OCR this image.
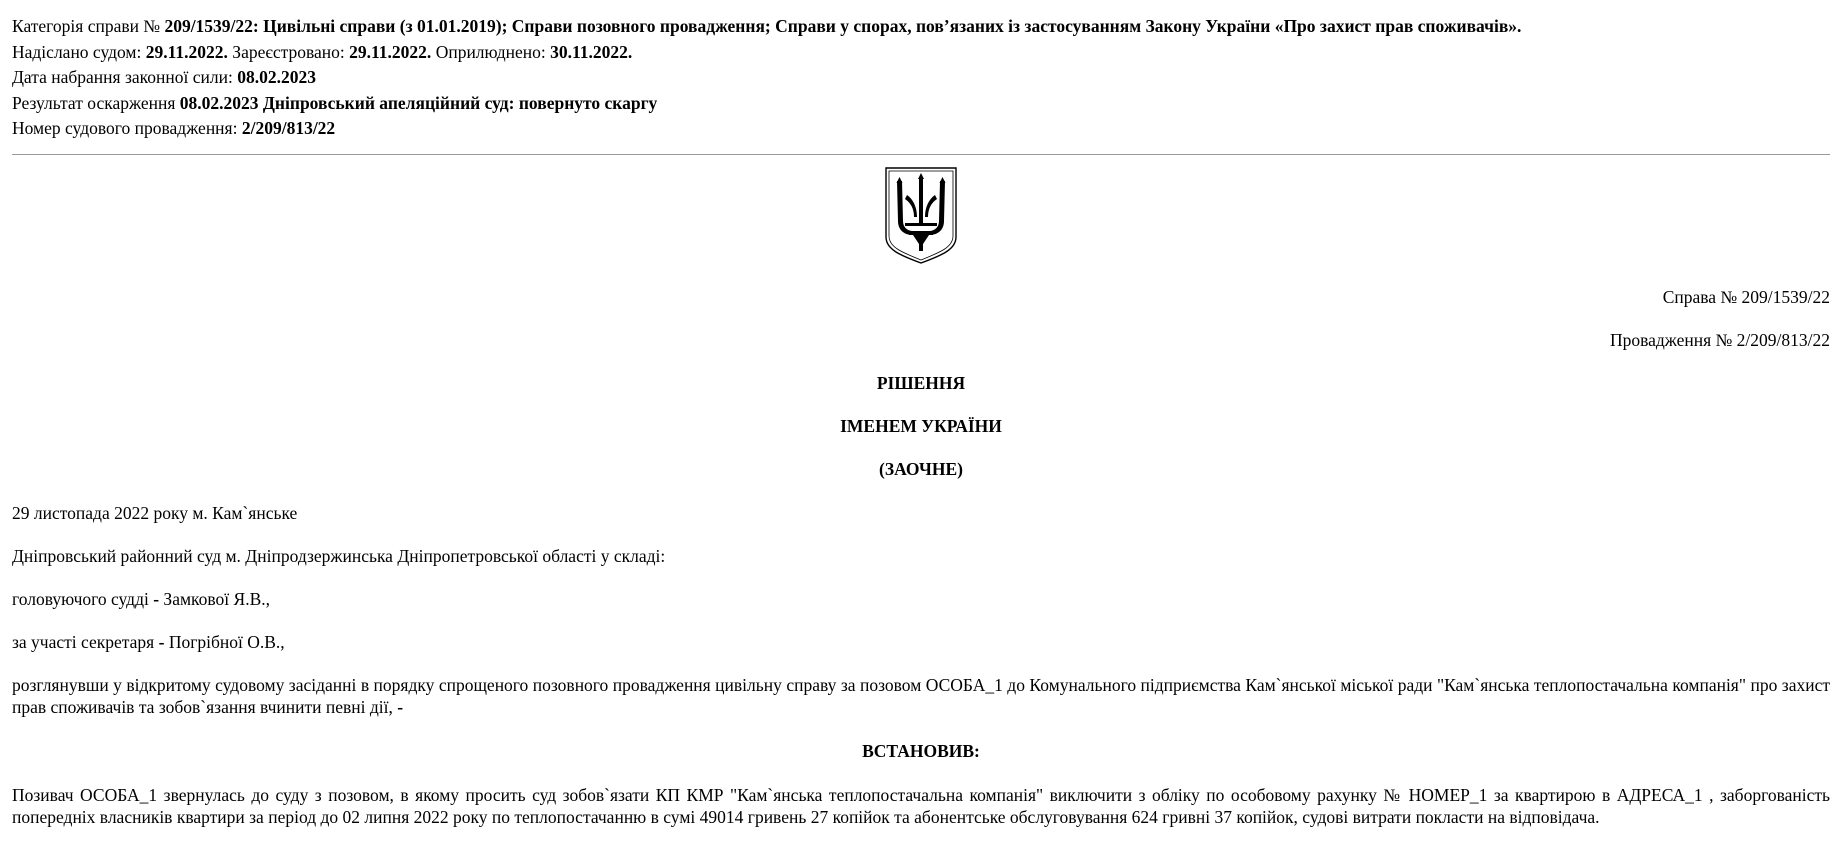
Категорія справи № 209/1539/22: Цивільні справи (з 01.01.2019); Справи позовного провадження; Справи у спорах, пов’язаних із застосуванням Закону України «Про захист прав споживачів».
Надіслано судом: 29.11.2022. Зареєстровано: 29.11.2022. Оприлюднено: 30.11.2022.
Дата набрання законної сили: 08.02.2023
Результат оскарження 08.02.2023 Дніпровський апеляційний суд: повернуто скаргу
Номер судового провадження: 2/209/813/22
Справа № 209/1539/22
Провадження № 2/209/813/22
РІШЕННЯ
ІМЕНЕМ УКРАЇНИ
(ЗАОЧНЕ)
29 листопада 2022 року м. Кам`янське
Дніпровський районний суд м. Дніпродзержинська Дніпропетровської області у складі:
головуючого судді - Замкової Я.В.,
за участі секретаря - Погрібної О.В.,
розглянувши у відкритому судовому засіданні в порядку спрощеного позовного провадження цивільну справу за позовом ОСОБА_1 до Комунального підприємства Кам`янської міської ради "Кам`янська теплопостачальна компанія" про захист прав споживачів та зобов`язання вчинити певні дії, -
ВСТАНОВИВ:
Позивач ОСОБА_1 звернулась до суду з позовом, в якому просить суд зобов`язати КП КМР "Кам`янська теплопостачальна компанія" виключити з обліку по особовому рахунку № НОМЕР_1 за квартирою в АДРЕСА_1 , заборгованість попередніх власників квартири за період до 02 липня 2022 року по теплопостачанню в сумі 49014 гривень 27 копійок та абонентське обслуговування 624 гривні 37 копійок, судові витрати покласти на відповідача.
